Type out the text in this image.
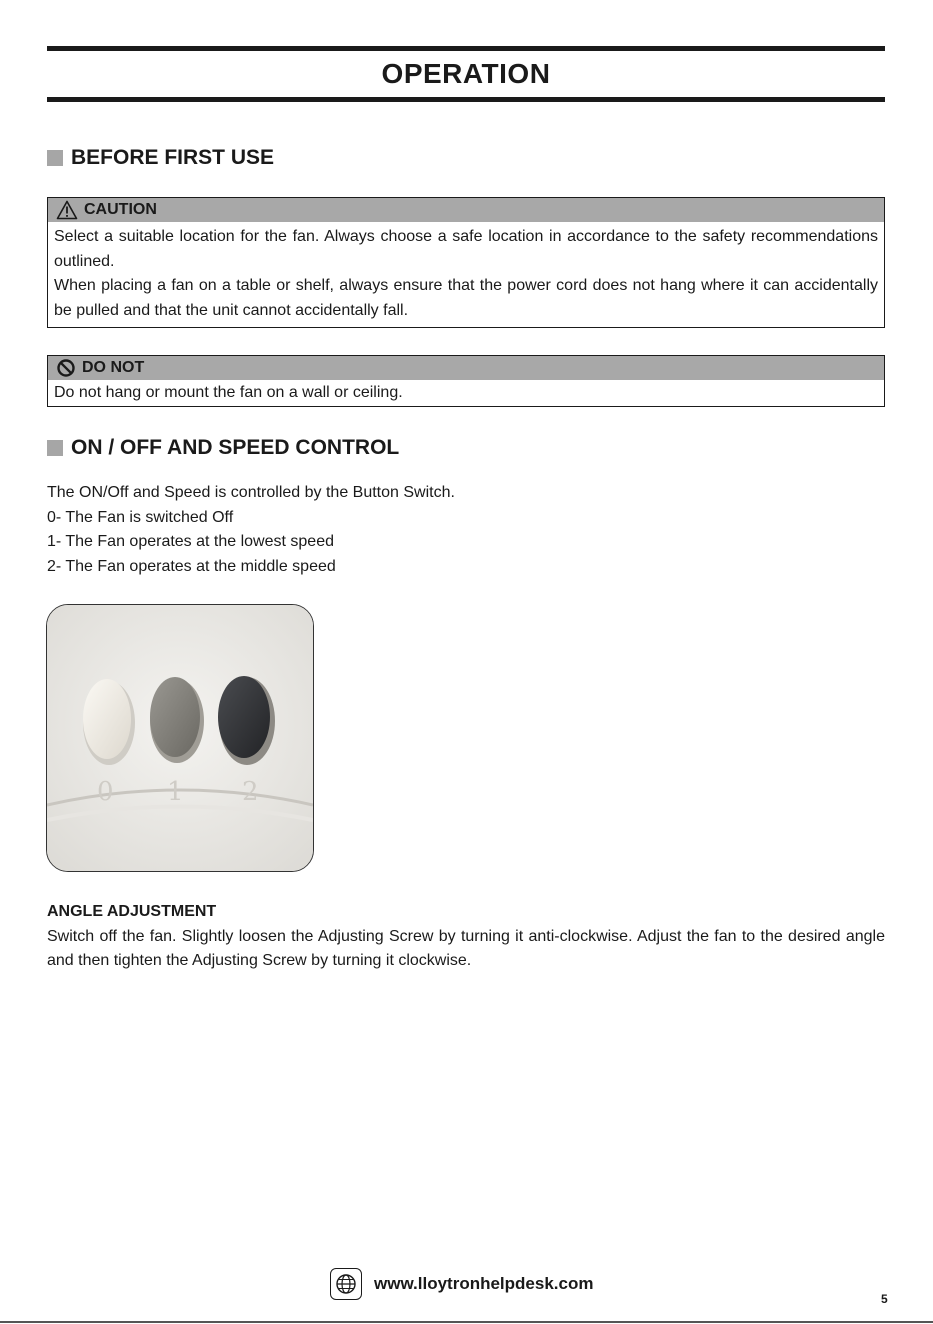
OPERATION
BEFORE FIRST USE
CAUTION

Select a suitable location for the fan. Always choose a safe location in accordance to the safety recommendations outlined.

When placing a fan on a table or shelf, always ensure that the power cord does not hang where it can accidentally be pulled and that the unit cannot accidentally fall.

DO NOT

Do not hang or mount the fan on a wall or ceiling.

ON / OFF AND SPEED CONTROL

The ON/Off and Speed is controlled by the Button Switch.

0- The Fan is switched Off

1- The Fan operates at the lowest speed

2- The Fan operates at the middle speed

0 1 2

ANGLE ADJUSTMENT

Switch off the fan. Slightly loosen the Adjusting Screw by turning it anti-clockwise. Adjust the fan to the desired angle and then tighten the Adjusting Screw by turning it clockwise.

www.lloytronhelpdesk.com
5
